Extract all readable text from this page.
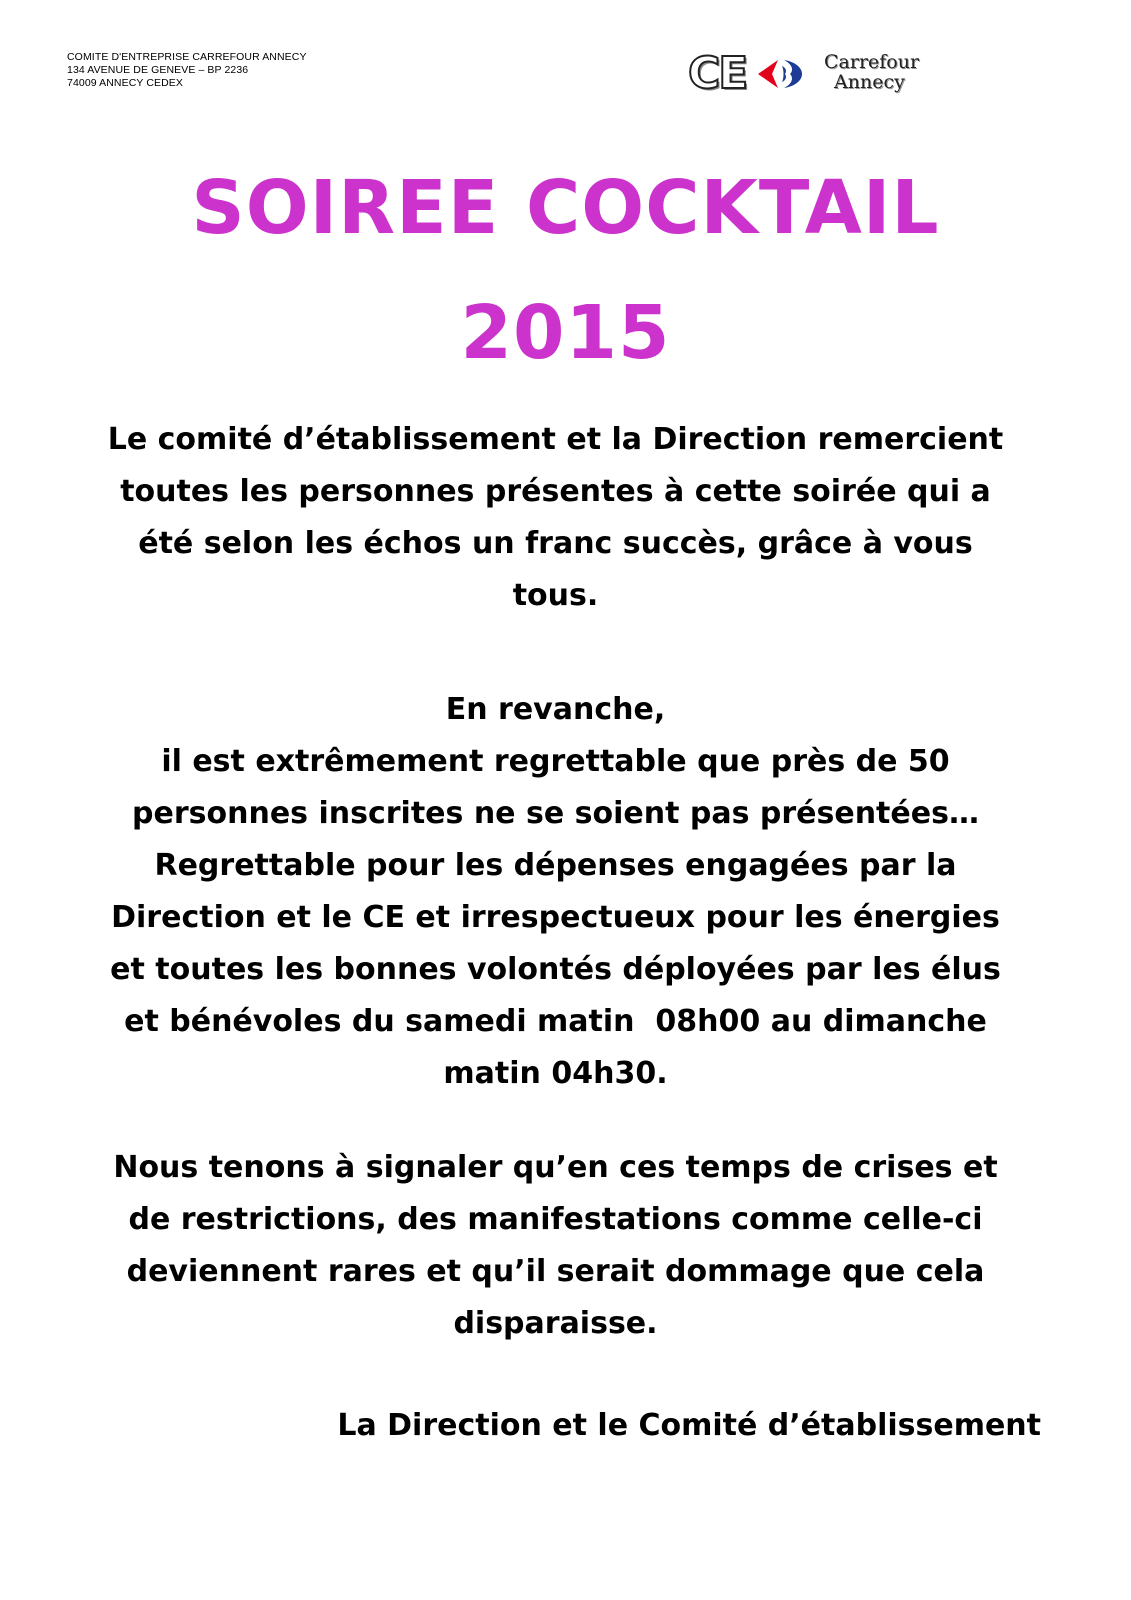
COMITE D'ENTREPRISE CARREFOUR ANNECY
134 AVENUE DE GENEVE – BP 2236
74009 ANNECY CEDEX	CE	Carrefour
Annecy
SOIREE COCKTAIL
2015
Le comité d’établissement et la Direction remercient
toutes les personnes présentes à cette soirée qui a
été selon les échos un franc succès, grâce à vous
tous.
En revanche,
il est extrêmement regrettable que près de 50
personnes inscrites ne se soient pas présentées…
Regrettable pour les dépenses engagées par la
Direction et le CE et irrespectueux pour les énergies
et toutes les bonnes volontés déployées par les élus
et bénévoles du samedi matin  08h00 au dimanche
matin 04h30.
Nous tenons à signaler qu’en ces temps de crises et
de restrictions, des manifestations comme celle-ci
deviennent rares et qu’il serait dommage que cela
disparaisse.
La Direction et le Comité d’établissement
